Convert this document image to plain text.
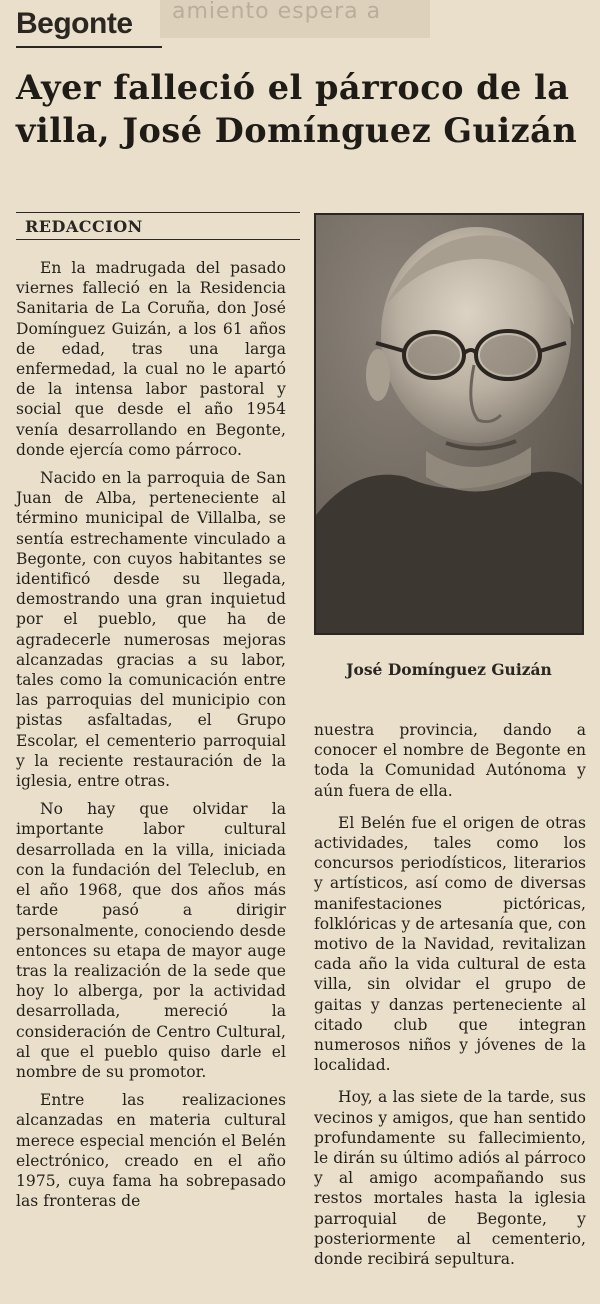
amiento espera a
Begonte
Ayer falleció el párroco de la villa, José Domínguez Guizán
REDACCION

En la madrugada del pasado viernes falleció en la Residencia Sanitaria de La Coruña, don José Domínguez Guizán, a los 61 años de edad, tras una larga enfermedad, la cual no le apartó de la intensa labor pastoral y social que desde el año 1954 venía desarrollando en Begonte, donde ejercía como párroco.

Nacido en la parroquia de San Juan de Alba, perteneciente al término municipal de Villalba, se sentía estrechamente vinculado a Begonte, con cuyos habitantes se identificó desde su llegada, demostrando una gran inquietud por el pueblo, que ha de agradecerle numerosas mejoras alcanzadas gracias a su labor, tales como la comunicación entre las parroquias del municipio con pistas asfaltadas, el Grupo Escolar, el cementerio parroquial y la reciente restauración de la iglesia, entre otras.

No hay que olvidar la importante labor cultural desarrollada en la villa, iniciada con la fundación del Teleclub, en el año 1968, que dos años más tarde pasó a dirigir personalmente, conociendo desde entonces su etapa de mayor auge tras la realización de la sede que hoy lo alberga, por la actividad desarrollada, mereció la consideración de Centro Cultural, al que el pueblo quiso darle el nombre de su promotor.

Entre las realizaciones alcanzadas en materia cultural merece especial mención el Belén electrónico, creado en el año 1975, cuya fama ha sobrepasado las fronteras de

José Domínguez Guizán

nuestra provincia, dando a conocer el nombre de Begonte en toda la Comunidad Autónoma y aún fuera de ella.

El Belén fue el origen de otras actividades, tales como los concursos periodísticos, literarios y artísticos, así como de diversas manifestaciones pictóricas, folklóricas y de artesanía que, con motivo de la Navidad, revitalizan cada año la vida cultural de esta villa, sin olvidar el grupo de gaitas y danzas perteneciente al citado club que integran numerosos niños y jóvenes de la localidad.

Hoy, a las siete de la tarde, sus vecinos y amigos, que han sentido profundamente su fallecimiento, le dirán su último adiós al párroco y al amigo acompañando sus restos mortales hasta la iglesia parroquial de Begonte, y posteriormente al cementerio, donde recibirá sepultura.
